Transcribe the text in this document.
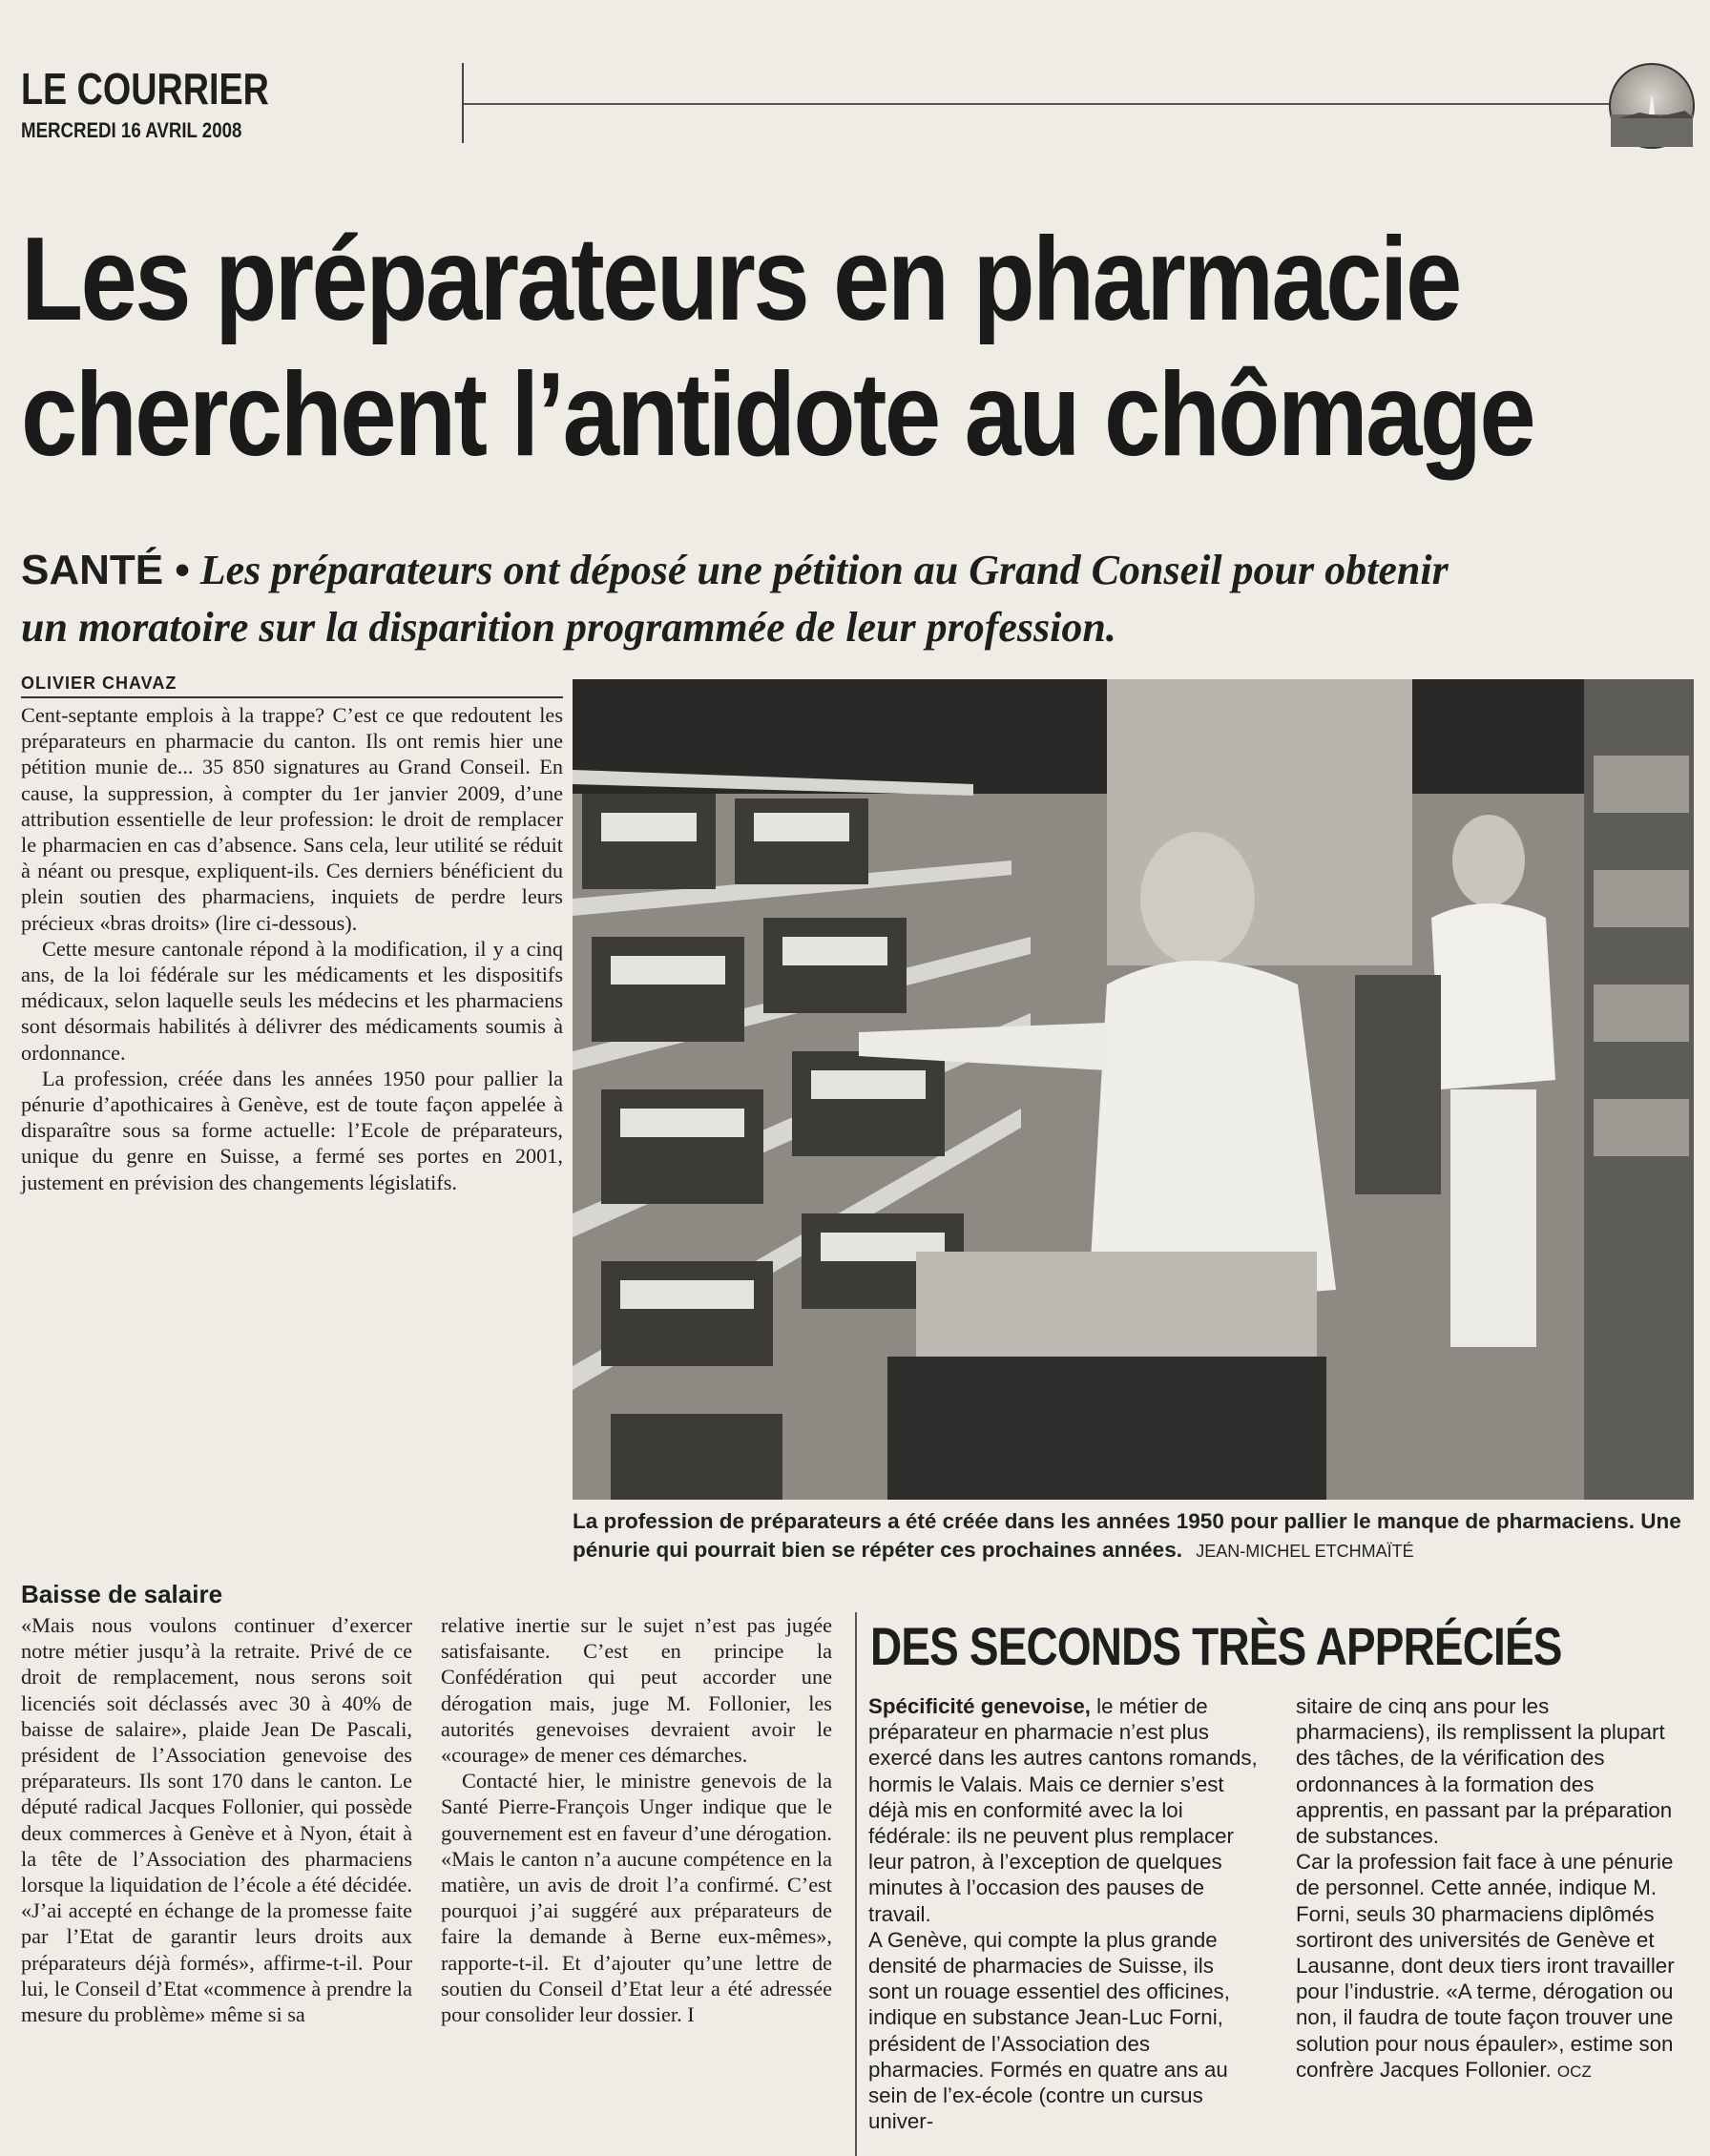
LE COURRIER
MERCREDI 16 AVRIL 2008
Les préparateurs en pharmacie
cherchent l’antidote au chômage
SANTÉ • Les préparateurs ont déposé une pétition au Grand Conseil pour obtenir
un moratoire sur la disparition programmée de leur profession.
OLIVIER CHAVAZ

Cent-septante emplois à la trappe? C’est ce que redoutent les préparateurs en pharmacie du canton. Ils ont remis hier une pétition munie de... 35 850 signatures au Grand Conseil. En cause, la suppression, à compter du 1er janvier 2009, d’une attribution essentielle de leur profession: le droit de remplacer le pharmacien en cas d’absence. Sans cela, leur utilité se réduit à néant ou presque, expliquent-ils. Ces derniers bénéficient du plein soutien des pharmaciens, inquiets de perdre leurs précieux «bras droits» (lire ci-dessous).

Cette mesure cantonale répond à la modification, il y a cinq ans, de la loi fédérale sur les médicaments et les dispositifs médicaux, selon laquelle seuls les médecins et les pharmaciens sont désormais habilités à délivrer des médicaments soumis à ordonnance.

La profession, créée dans les années 1950 pour pallier la pénurie d’apothicaires à Genève, est de toute façon appelée à disparaître sous sa forme actuelle: l’Ecole de préparateurs, unique du genre en Suisse, a fermé ses portes en 2001, justement en prévision des changements législatifs.

La profession de préparateurs a été créée dans les années 1950 pour pallier le manque de pharmaciens. Une pénurie qui pourrait bien se répéter ces prochaines années. JEAN-MICHEL ETCHMAÏTÉ
Baisse de salaire

«Mais nous voulons continuer d’exercer notre métier jusqu’à la retraite. Privé de ce droit de remplacement, nous serons soit licenciés soit déclassés avec 30 à 40% de baisse de salaire», plaide Jean De Pascali, président de l’Association genevoise des préparateurs. Ils sont 170 dans le canton. Le député radical Jacques Follonier, qui possède deux commerces à Genève et à Nyon, était à la tête de l’Association des pharmaciens lorsque la liquidation de l’école a été décidée. «J’ai accepté en échange de la promesse faite par l’Etat de garantir leurs droits aux préparateurs déjà formés», affirme-t-il. Pour lui, le Conseil d’Etat «commence à prendre la mesure du problème» même si sa

relative inertie sur le sujet n’est pas jugée satisfaisante. C’est en principe la Confédération qui peut accorder une dérogation mais, juge M. Follonier, les autorités genevoises devraient avoir le «courage» de mener ces démarches.

Contacté hier, le ministre genevois de la Santé Pierre-François Unger indique que le gouvernement est en faveur d’une dérogation. «Mais le canton n’a aucune compétence en la matière, un avis de droit l’a confirmé. C’est pourquoi j’ai suggéré aux préparateurs de faire la demande à Berne eux-mêmes», rapporte-t-il. Et d’ajouter qu’une lettre de soutien du Conseil d’Etat leur a été adressée pour consolider leur dossier. I

DES SECONDS TRÈS APPRÉCIÉS

Spécificité genevoise, le métier de préparateur en pharmacie n’est plus exercé dans les autres cantons romands, hormis le Valais. Mais ce dernier s’est déjà mis en conformité avec la loi fédérale: ils ne peuvent plus remplacer leur patron, à l’exception de quelques minutes à l’occasion des pauses de travail.

A Genève, qui compte la plus grande densité de pharmacies de Suisse, ils sont un rouage essentiel des officines, indique en substance Jean-Luc Forni, président de l’Association des pharmacies. Formés en quatre ans au sein de l’ex-école (contre un cursus univer-

sitaire de cinq ans pour les pharmaciens), ils remplissent la plupart des tâches, de la vérification des ordonnances à la formation des apprentis, en passant par la préparation de substances.

Car la profession fait face à une pénurie de personnel. Cette année, indique M. Forni, seuls 30 pharmaciens diplômés sortiront des universités de Genève et Lausanne, dont deux tiers iront travailler pour l’industrie. «A terme, dérogation ou non, il faudra de toute façon trouver une solution pour nous épauler», estime son confrère Jacques Follonier. OCZ
